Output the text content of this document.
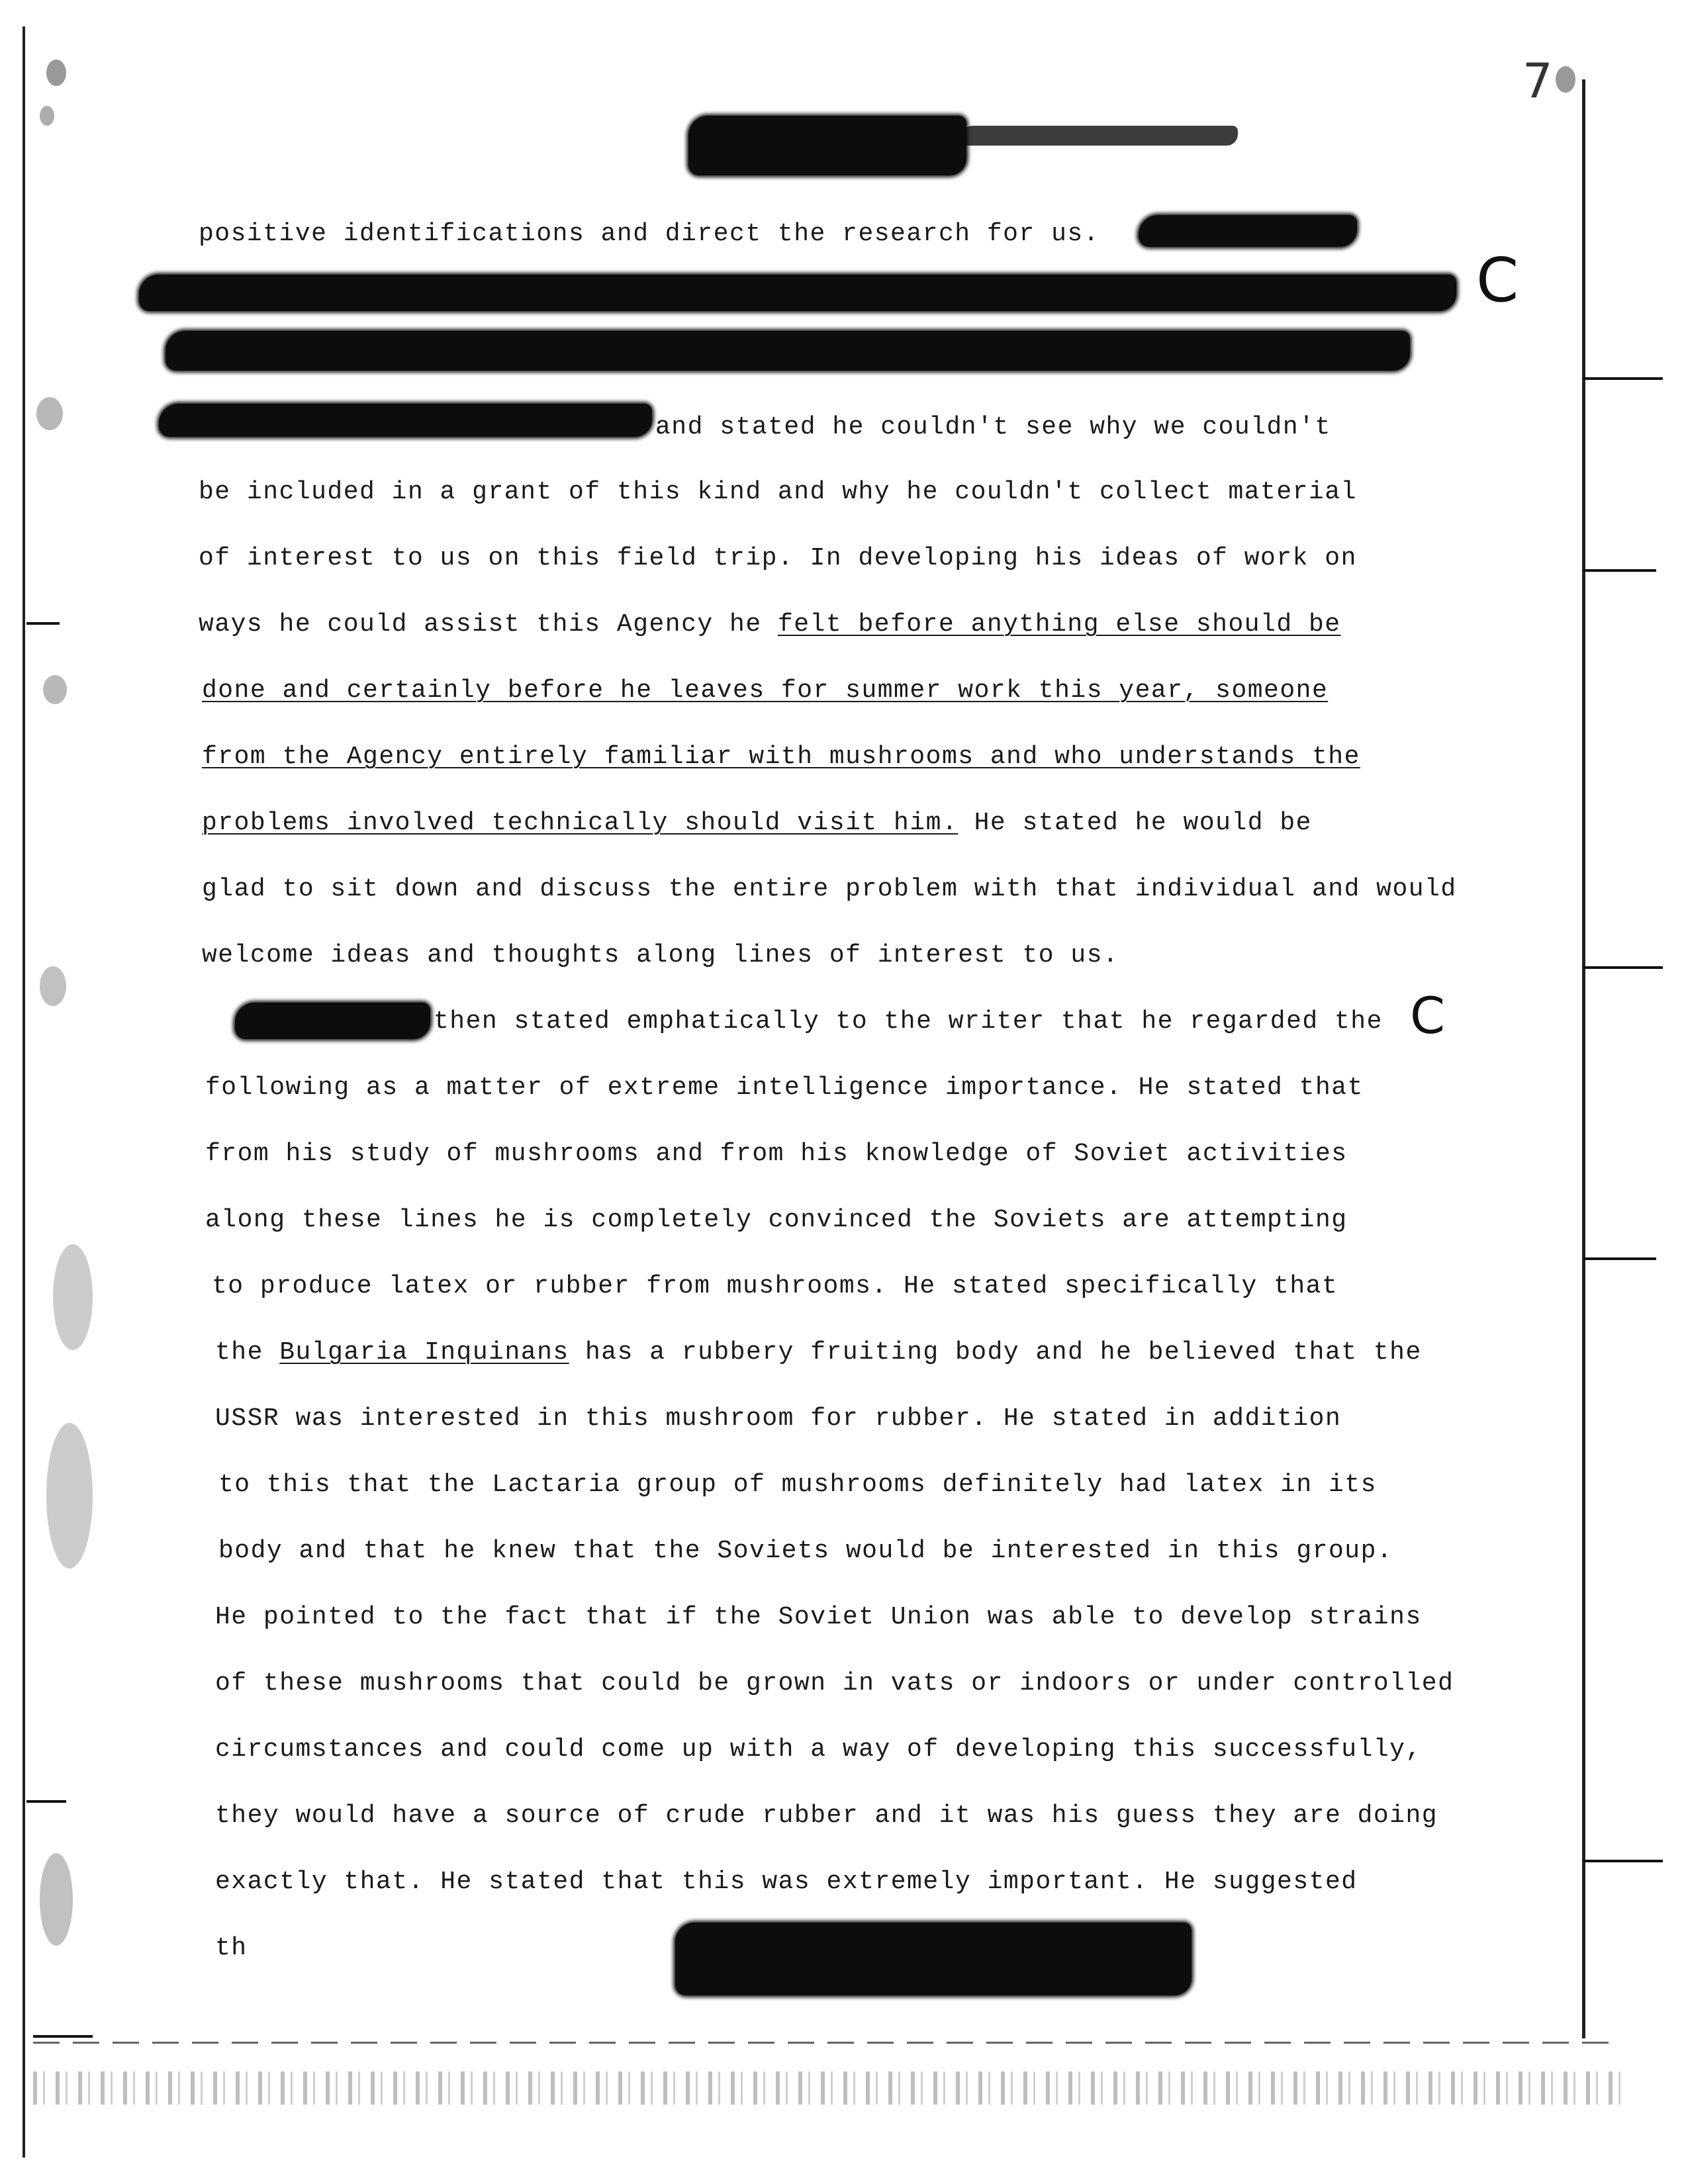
7
positive identifications and direct the research for us.
C
and stated he couldn't see why we couldn't
be included in a grant of this kind and why he couldn't collect material
of interest to us on this field trip. In developing his ideas of work on
ways he could assist this Agency he felt before anything else should be
done and certainly before he leaves for summer work this year, someone
from the Agency entirely familiar with mushrooms and who understands the
problems involved technically should visit him. He stated he would be
glad to sit down and discuss the entire problem with that individual and would
welcome ideas and thoughts along lines of interest to us.
then stated emphatically to the writer that he regarded the C
following as a matter of extreme intelligence importance. He stated that
from his study of mushrooms and from his knowledge of Soviet activities
along these lines he is completely convinced the Soviets are attempting
to produce latex or rubber from mushrooms. He stated specifically that
the Bulgaria Inquinans has a rubbery fruiting body and he believed that the
USSR was interested in this mushroom for rubber. He stated in addition
to this that the Lactaria group of mushrooms definitely had latex in its
body and that he knew that the Soviets would be interested in this group.
He pointed to the fact that if the Soviet Union was able to develop strains
of these mushrooms that could be grown in vats or indoors or under controlled
circumstances and could come up with a way of developing this successfully,
they would have a source of crude rubber and it was his guess they are doing
exactly that. He stated that this was extremely important. He suggested
th
